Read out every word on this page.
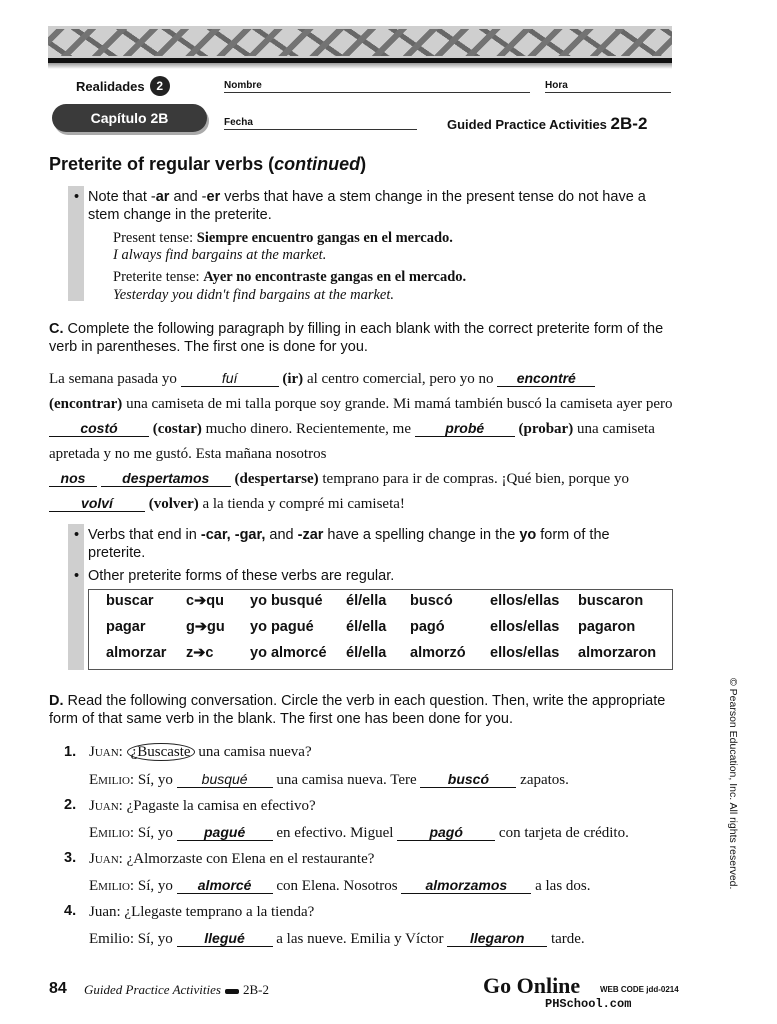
Realidades 2
Capítulo 2B
Nombre	Hora
Fecha	Guided Practice Activities 2B-2
Preterite of regular verbs (continued)
• Note that -ar and -er verbs that have a stem change in the present tense do not have a stem change in the preterite.
Present tense: Siempre encuentro gangas en el mercado.
I always find bargains at the market.
Preterite tense: Ayer no encontraste gangas en el mercado.
Yesterday you didn't find bargains at the market.
C. Complete the following paragraph by filling in each blank with the correct preterite form of the verb in parentheses. The first one is done for you.
La semana pasada yo	fuí	(ir) al centro comercial, pero yo no encontré
(encontrar) una camiseta de mi talla porque soy grande. Mi mamá también buscó la camiseta ayer pero costó (costar) mucho dinero. Recientemente, me probé (probar) una camiseta apretada y no me gustó. Esta mañana nosotros
nos	despertamos (despertarse) temprano para ir de compras. ¡Qué bien, porque yo volví (volver) a la tienda y compré mi camiseta!
• Verbs that end in -car, -gar, and -zar have a spelling change in the yo form of the preterite.
• Other preterite forms of these verbs are regular.
buscar	c➔qu	yo busqué	él/ella	buscó	ellos/ellas	buscaron
pagar	g➔gu	yo pagué	él/ella	pagó	ellos/ellas	pagaron
almorzar	z➔c	yo almorcé	él/ella	almorzó	ellos/ellas	almorzaron
D. Read the following conversation. Circle the verb in each question. Then, write the appropriate form of that same verb in the blank. The first one has been done for you.
1. Juan: ¿Buscaste una camisa nueva?
Emilio: Sí, yo busqué una camisa nueva. Tere buscó zapatos.
2. Juan: ¿Pagaste la camisa en efectivo?
Emilio: Sí, yo pagué en efectivo. Miguel pagó con tarjeta de crédito.
3. Juan: ¿Almorzaste con Elena en el restaurante?
Emilio: Sí, yo almorcé con Elena. Nosotros almorzamos a las dos.
4. Juan: ¿Llegaste temprano a la tienda?
Emilio: Sí, yo llegué a las nueve. Emilia y Víctor llegaron tarde.
84 Guided Practice Activities 2B-2	Go Online WEB CODE jdd-0214
PHSchool.com
© Pearson Education, Inc. All rights reserved.
